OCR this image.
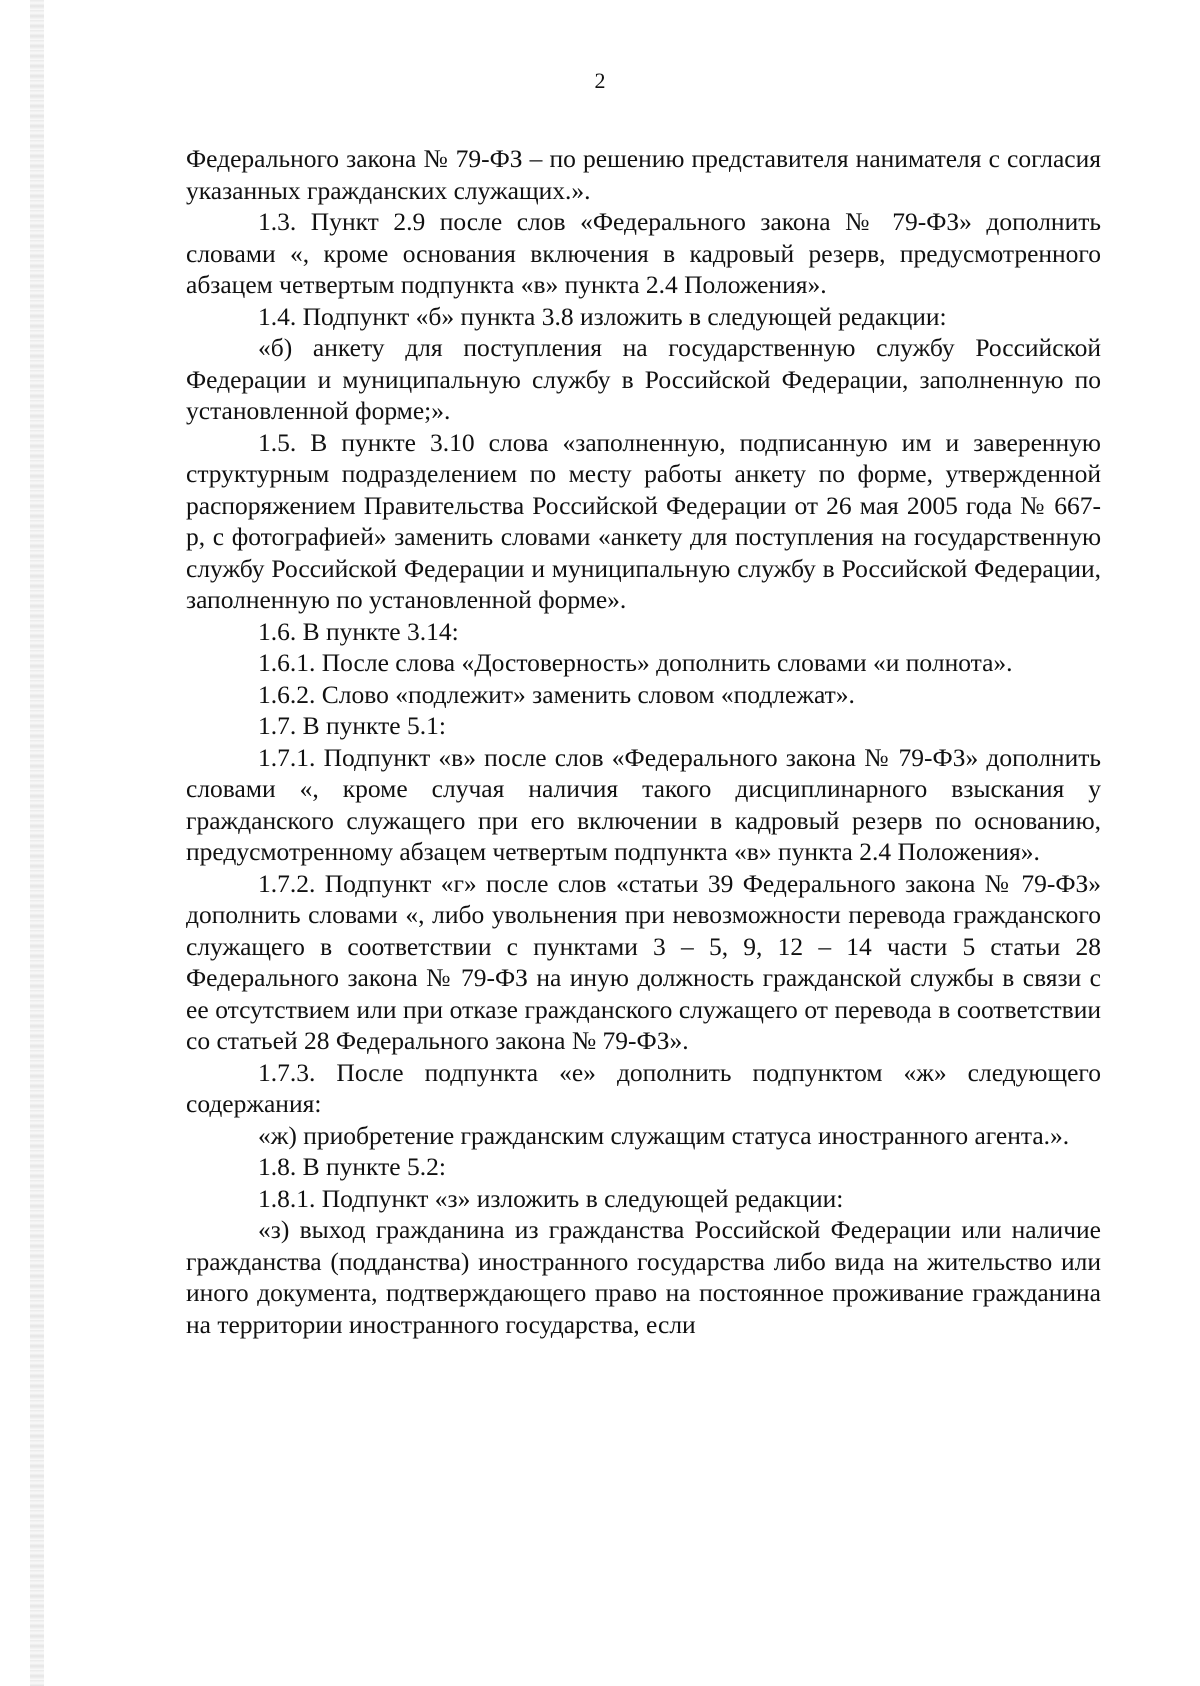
2

Федерального закона № 79-ФЗ – по решению представителя нанимателя с согласия указанных гражданских служащих.».

1.3. Пункт 2.9 после слов «Федерального закона № 79-ФЗ» дополнить словами «, кроме основания включения в кадровый резерв, предусмотренного абзацем четвертым подпункта «в» пункта 2.4 Положения».

1.4. Подпункт «б» пункта 3.8 изложить в следующей редакции:

«б) анкету для поступления на государственную службу Российской Федерации и муниципальную службу в Российской Федерации, заполненную по установленной форме;».

1.5. В пункте 3.10 слова «заполненную, подписанную им и заверенную структурным подразделением по месту работы анкету по форме, утвержденной распоряжением Правительства Российской Федерации от 26 мая 2005 года № 667-р, с фотографией» заменить словами «анкету для поступления на государственную службу Российской Федерации и муниципальную службу в Российской Федерации, заполненную по установленной форме».

1.6. В пункте 3.14:

1.6.1. После слова «Достоверность» дополнить словами «и полнота».

1.6.2. Слово «подлежит» заменить словом «подлежат».

1.7. В пункте 5.1:

1.7.1. Подпункт «в» после слов «Федерального закона № 79-ФЗ» дополнить словами «, кроме случая наличия такого дисциплинарного взыскания у гражданского служащего при его включении в кадровый резерв по основанию, предусмотренному абзацем четвертым подпункта «в» пункта 2.4 Положения».

1.7.2. Подпункт «г» после слов «статьи 39 Федерального закона № 79-ФЗ» дополнить словами «, либо увольнения при невозможности перевода гражданского служащего в соответствии с пунктами 3 – 5, 9, 12 – 14 части 5 статьи 28 Федерального закона № 79-ФЗ на иную должность гражданской службы в связи с ее отсутствием или при отказе гражданского служащего от перевода в соответствии со статьей 28 Федерального закона № 79-ФЗ».

1.7.3. После подпункта «е» дополнить подпунктом «ж» следующего содержания:

«ж) приобретение гражданским служащим статуса иностранного агента.».

1.8. В пункте 5.2:

1.8.1. Подпункт «з» изложить в следующей редакции:

«з) выход гражданина из гражданства Российской Федерации или наличие гражданства (подданства) иностранного государства либо вида на жительство или иного документа, подтверждающего право на постоянное проживание гражданина на территории иностранного государства, если
